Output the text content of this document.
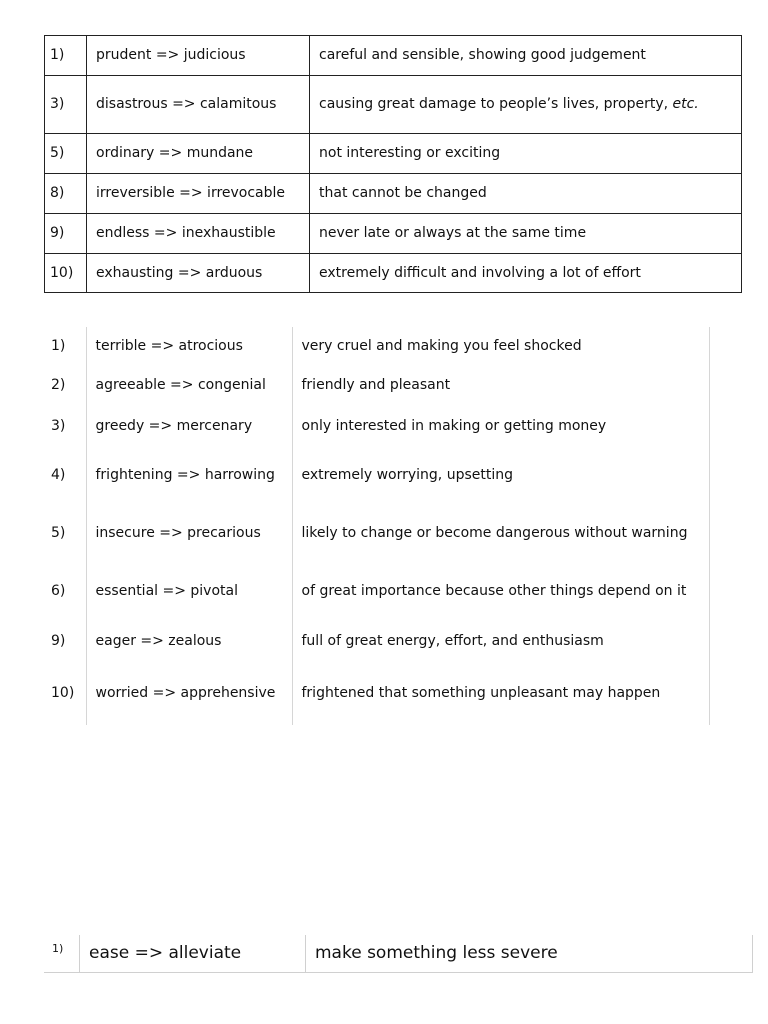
1)	prudent => judicious	careful and sensible, showing good judgement
3)	disastrous => calamitous	causing great damage to people’s lives, property, etc.
5)	ordinary => mundane	not interesting or exciting
8)	irreversible => irrevocable	that cannot be changed
9)	endless => inexhaustible	never late or always at the same time
10)	exhausting => arduous	extremely difficult and involving a lot of effort
1)	terrible => atrocious	very cruel and making you feel shocked
2)	agreeable => congenial	friendly and pleasant
3)	greedy => mercenary	only interested in making or getting money
4)	frightening => harrowing	extremely worrying, upsetting
5)	insecure => precarious	likely to change or become dangerous without warning
6)	essential => pivotal	of great importance because other things depend on it
9)	eager => zealous	full of great energy, effort, and enthusiasm
10)	worried => apprehensive	frightened that something unpleasant may happen
1) ease => alleviate	make something less severe
